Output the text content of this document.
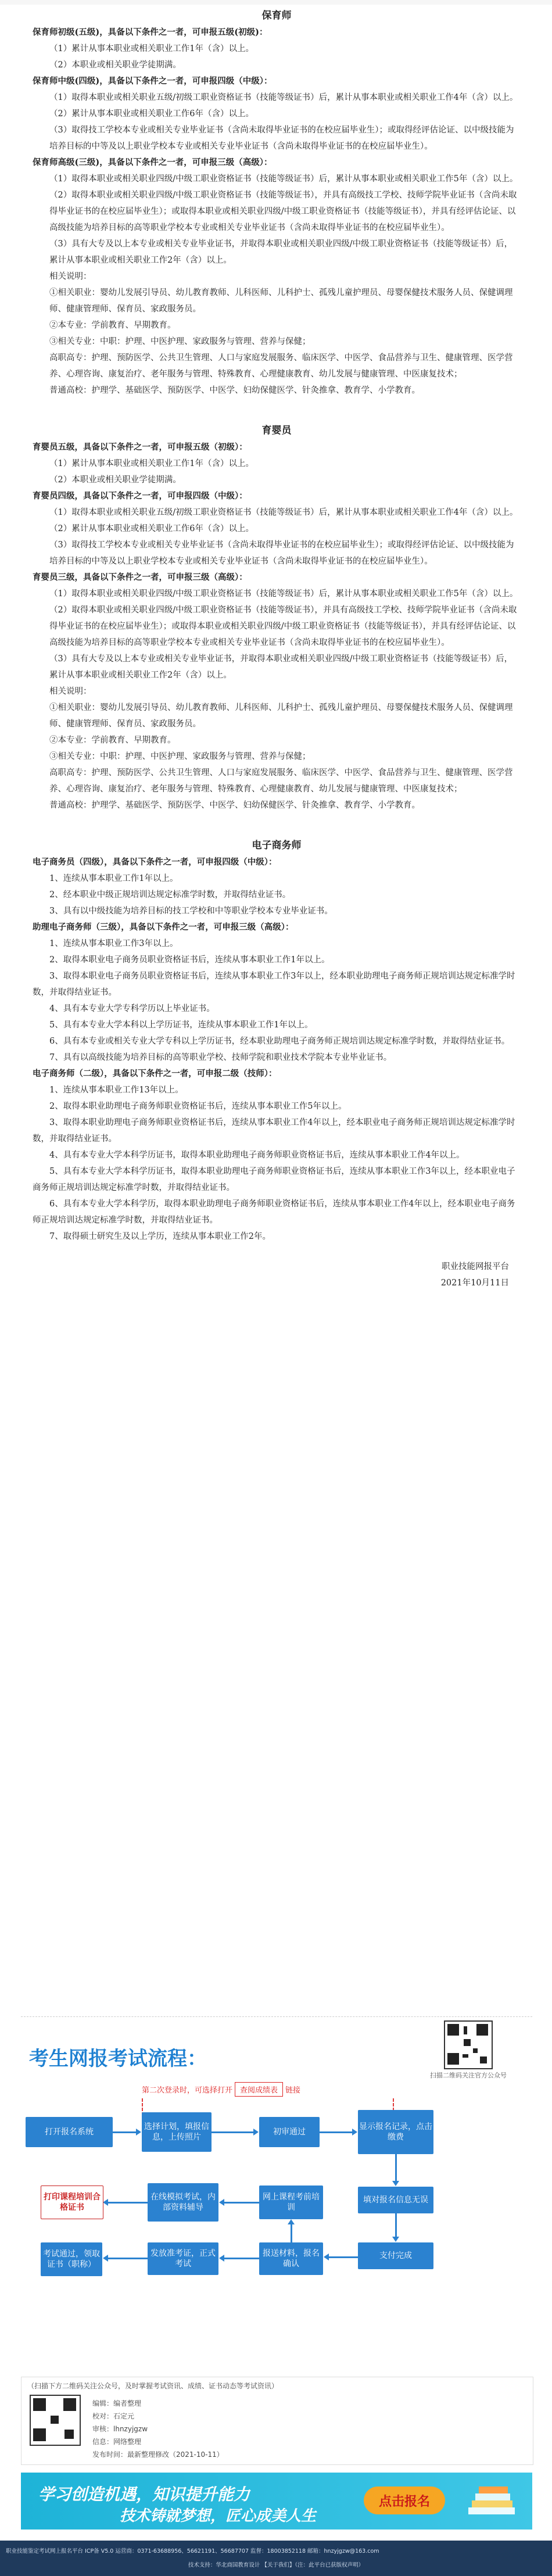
保育师

保育师初级(五级)，具备以下条件之一者，可申报五级(初级)：

（1）累计从事本职业或相关职业工作1年（含）以上。

（2）本职业或相关职业学徒期满。

保育师中级(四级)，具备以下条件之一者，可申报四级（中级）：

（1）取得本职业或相关职业五级/初级工职业资格证书（技能等级证书）后，累计从事本职业或相关职业工作4年（含）以上。

（2）累计从事本职业或相关职业工作6年（含）以上。

（3）取得技工学校本专业或相关专业毕业证书（含尚未取得毕业证书的在校应届毕业生）；或取得经评估论证、以中级技能为培养目标的中等及以上职业学校本专业或相关专业毕业证书（含尚未取得毕业证书的在校应届毕业生）。

保育师高级(三级)，具备以下条件之一者，可申报三级（高级）：

（1）取得本职业或相关职业四级/中级工职业资格证书（技能等级证书）后，累计从事本职业或相关职业工作5年（含）以上。

（2）取得本职业或相关职业四级/中级工职业资格证书（技能等级证书），并具有高级技工学校、技师学院毕业证书（含尚未取得毕业证书的在校应届毕业生）；或取得本职业或相关职业四级/中级工职业资格证书（技能等级证书），并具有经评估论证、以高级技能为培养目标的高等职业学校本专业或相关专业毕业证书（含尚未取得毕业证书的在校应届毕业生）。

（3）具有大专及以上本专业或相关专业毕业证书，并取得本职业或相关职业四级/中级工职业资格证书（技能等级证书）后，累计从事本职业或相关职业工作2年（含）以上。

相关说明：

①相关职业：婴幼儿发展引导员、幼儿教育教师、儿科医师、儿科护士、孤残儿童护理员、母婴保健技术服务人员、保健调理师、健康管理师、保育员、家政服务员。

②本专业：学前教育、早期教育。

③相关专业：中职：护理、中医护理、家政服务与管理、营养与保健；

高职高专：护理、预防医学、公共卫生管理、人口与家庭发展服务、临床医学、中医学、食品营养与卫生、健康管理、医学营养、心理咨询、康复治疗、老年服务与管理、特殊教育、心理健康教育、幼儿发展与健康管理、中医康复技术；

普通高校：护理学、基础医学、预防医学、中医学、妇幼保健医学、针灸推拿、教育学、小学教育。

育婴员

育婴员五级，具备以下条件之一者，可申报五级（初级）：

（1）累计从事本职业或相关职业工作1年（含）以上。

（2）本职业或相关职业学徒期满。

育婴员四级，具备以下条件之一者，可申报四级（中级）：

（1）取得本职业或相关职业五级/初级工职业资格证书（技能等级证书）后，累计从事本职业或相关职业工作4年（含）以上。

（2）累计从事本职业或相关职业工作6年（含）以上。

（3）取得技工学校本专业或相关专业毕业证书（含尚未取得毕业证书的在校应届毕业生）；或取得经评估论证、以中级技能为培养目标的中等及以上职业学校本专业或相关专业毕业证书（含尚未取得毕业证书的在校应届毕业生）。

育婴员三级，具备以下条件之一者，可申报三级（高级）：

（1）取得本职业或相关职业四级/中级工职业资格证书（技能等级证书）后，累计从事本职业或相关职业工作5年（含）以上。

（2）取得本职业或相关职业四级/中级工职业资格证书（技能等级证书），并具有高级技工学校、技师学院毕业证书（含尚未取得毕业证书的在校应届毕业生）；或取得本职业或相关职业四级/中级工职业资格证书（技能等级证书），并具有经评估论证、以高级技能为培养目标的高等职业学校本专业或相关专业毕业证书（含尚未取得毕业证书的在校应届毕业生）。

（3）具有大专及以上本专业或相关专业毕业证书，并取得本职业或相关职业四级/中级工职业资格证书（技能等级证书）后，累计从事本职业或相关职业工作2年（含）以上。

相关说明：

①相关职业：婴幼儿发展引导员、幼儿教育教师、儿科医师、儿科护士、孤残儿童护理员、母婴保健技术服务人员、保健调理师、健康管理师、保育员、家政服务员。

②本专业：学前教育、早期教育。

③相关专业：中职：护理、中医护理、家政服务与管理、营养与保健；

高职高专：护理、预防医学、公共卫生管理、人口与家庭发展服务、临床医学、中医学、食品营养与卫生、健康管理、医学营养、心理咨询、康复治疗、老年服务与管理、特殊教育、心理健康教育、幼儿发展与健康管理、中医康复技术；

普通高校：护理学、基础医学、预防医学、中医学、妇幼保健医学、针灸推拿、教育学、小学教育。

电子商务师

电子商务员（四级），具备以下条件之一者，可申报四级（中级）：

1、连续从事本职业工作1年以上。

2、经本职业中级正规培训达规定标准学时数，并取得结业证书。

3、具有以中级技能为培养目标的技工学校和中等职业学校本专业毕业证书。

助理电子商务师（三级），具备以下条件之一者，可申报三级（高级）：

1、连续从事本职业工作3年以上。

2、取得本职业电子商务员职业资格证书后，连续从事本职业工作1年以上。

3、取得本职业电子商务员职业资格证书后，连续从事本职业工作3年以上，经本职业助理电子商务师正规培训达规定标准学时数，并取得结业证书。

4、具有本专业大学专科学历以上毕业证书。

5、具有本专业大学本科以上学历证书，连续从事本职业工作1年以上。

6、具有本专业或相关专业大学专科以上学历证书，经本职业助理电子商务师正规培训达规定标准学时数，并取得结业证书。

7、具有以高级技能为培养目标的高等职业学校、技师学院和职业技术学院本专业毕业证书。

电子商务师（二级），具备以下条件之一者，可申报二级（技师）：

1、连续从事本职业工作13年以上。

2、取得本职业助理电子商务师职业资格证书后，连续从事本职业工作5年以上。

3、取得本职业助理电子商务师职业资格证书后，连续从事本职业工作4年以上，经本职业电子商务师正规培训达规定标准学时数，并取得结业证书。

4、具有本专业大学本科学历证书，取得本职业助理电子商务师职业资格证书后，连续从事本职业工作4年以上。

5、具有本专业大学本科学历证书，取得本职业助理电子商务师职业资格证书后，连续从事本职业工作3年以上，经本职业电子商务师正规培训达规定标准学时数，并取得结业证书。

6、具有本专业大学本科学历，取得本职业助理电子商务师职业资格证书后，连续从事本职业工作4年以上，经本职业电子商务师正规培训达规定标准学时数，并取得结业证书。

7、取得硕士研究生及以上学历，连续从事本职业工作2年。

职业技能网报平台

2021年10月11日

考生网报考试流程：
扫描二维码关注官方公众号
第二次登录时，可选择打开 查阅成绩表 链接
打开报名系统
选择计划，填报信息，上传照片
初审通过
显示报名记录，点击缴费
填对报名信息无误
支付完成
网上课程考前培训
在线模拟考试，内部资料辅导
打印课程培训合格证书
报送材料，报名确认
发放准考证，正式考试
考试通过，领取证书（职称）
（扫描下方二维码关注公众号，及时掌握考试资讯、成绩、证书动态等考试资讯）
编辑：编者整理
校对：石定元
审核：lhnzyjgzw
信息：网络整理
发布时间：最新整理修改（2021-10-11）
学习创造机遇，知识提升能力
技术铸就梦想，匠心成美人生
点击报名
职业技能鉴定考试网上报名平台 ICP备 V5.0 运营商：0371-63688956、56621191、56687707 监督：18003852118 邮箱：hnzyjgzw@163.com
技术支持：华北商国教育设计 【关于我们】（注：此平台已获版权声明）
